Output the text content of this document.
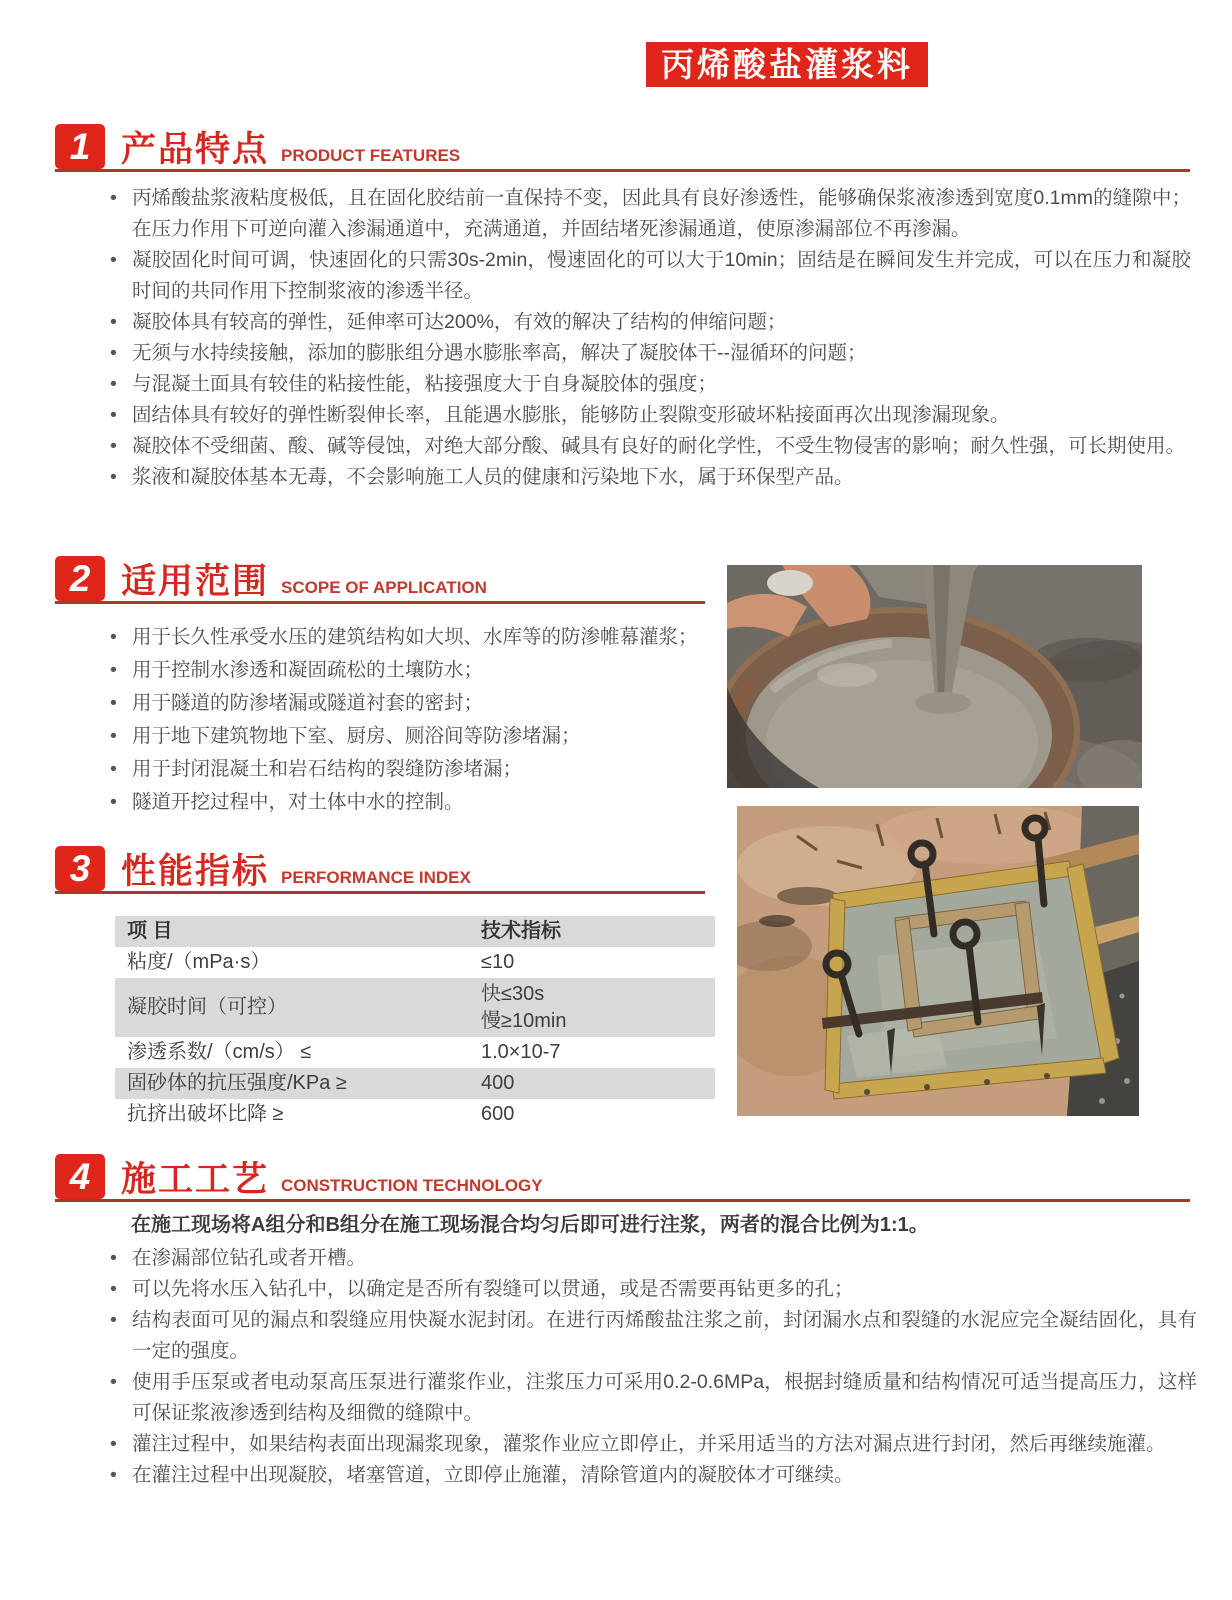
丙烯酸盐灌浆料
1 产品特点 PRODUCT FEATURES
• 丙烯酸盐浆液粘度极低，且在固化胶结前一直保持不变，因此具有良好渗透性，能够确保浆液渗透到宽度0.1mm的缝隙中；在压力作用下可逆向灌入渗漏通道中，充满通道，并固结堵死渗漏通道，使原渗漏部位不再渗漏。
• 凝胶固化时间可调，快速固化的只需30s-2min，慢速固化的可以大于10min；固结是在瞬间发生并完成，可以在压力和凝胶时间的共同作用下控制浆液的渗透半径。
• 凝胶体具有较高的弹性，延伸率可达200%，有效的解决了结构的伸缩问题；
• 无须与水持续接触，添加的膨胀组分遇水膨胀率高，解决了凝胶体干--湿循环的问题；
• 与混凝土面具有较佳的粘接性能，粘接强度大于自身凝胶体的强度；
• 固结体具有较好的弹性断裂伸长率，且能遇水膨胀，能够防止裂隙变形破坏粘接面再次出现渗漏现象。
• 凝胶体不受细菌、酸、碱等侵蚀，对绝大部分酸、碱具有良好的耐化学性，不受生物侵害的影响；耐久性强，可长期使用。
• 浆液和凝胶体基本无毒，不会影响施工人员的健康和污染地下水，属于环保型产品。
2 适用范围 SCOPE OF APPLICATION
• 用于长久性承受水压的建筑结构如大坝、水库等的防渗帷幕灌浆；
• 用于控制水渗透和凝固疏松的土壤防水；
• 用于隧道的防渗堵漏或隧道衬套的密封；
• 用于地下建筑物地下室、厨房、厕浴间等防渗堵漏；
• 用于封闭混凝土和岩石结构的裂缝防渗堵漏；
• 隧道开挖过程中，对土体中水的控制。
3 性能指标 PERFORMANCE INDEX
项 目	技术指标
粘度/（mPa·s）	≤10
凝胶时间（可控）	快≤30s
慢≥10min

渗透系数/（cm/s） ≤	1.0×10-7
固砂体的抗压强度/KPa ≥	400
抗挤出破坏比降 ≥	600
4 施工工艺 CONSTRUCTION TECHNOLOGY
在施工现场将A组分和B组分在施工现场混合均匀后即可进行注浆，两者的混合比例为1:1。
• 在渗漏部位钻孔或者开槽。
• 可以先将水压入钻孔中，以确定是否所有裂缝可以贯通，或是否需要再钻更多的孔；
• 结构表面可见的漏点和裂缝应用快凝水泥封闭。在进行丙烯酸盐注浆之前，封闭漏水点和裂缝的水泥应完全凝结固化，具有一定的强度。
• 使用手压泵或者电动泵高压泵进行灌浆作业，注浆压力可采用0.2-0.6MPa，根据封缝质量和结构情况可适当提高压力，这样可保证浆液渗透到结构及细微的缝隙中。
• 灌注过程中，如果结构表面出现漏浆现象，灌浆作业应立即停止，并采用适当的方法对漏点进行封闭，然后再继续施灌。
• 在灌注过程中出现凝胶，堵塞管道，立即停止施灌，清除管道内的凝胶体才可继续。
